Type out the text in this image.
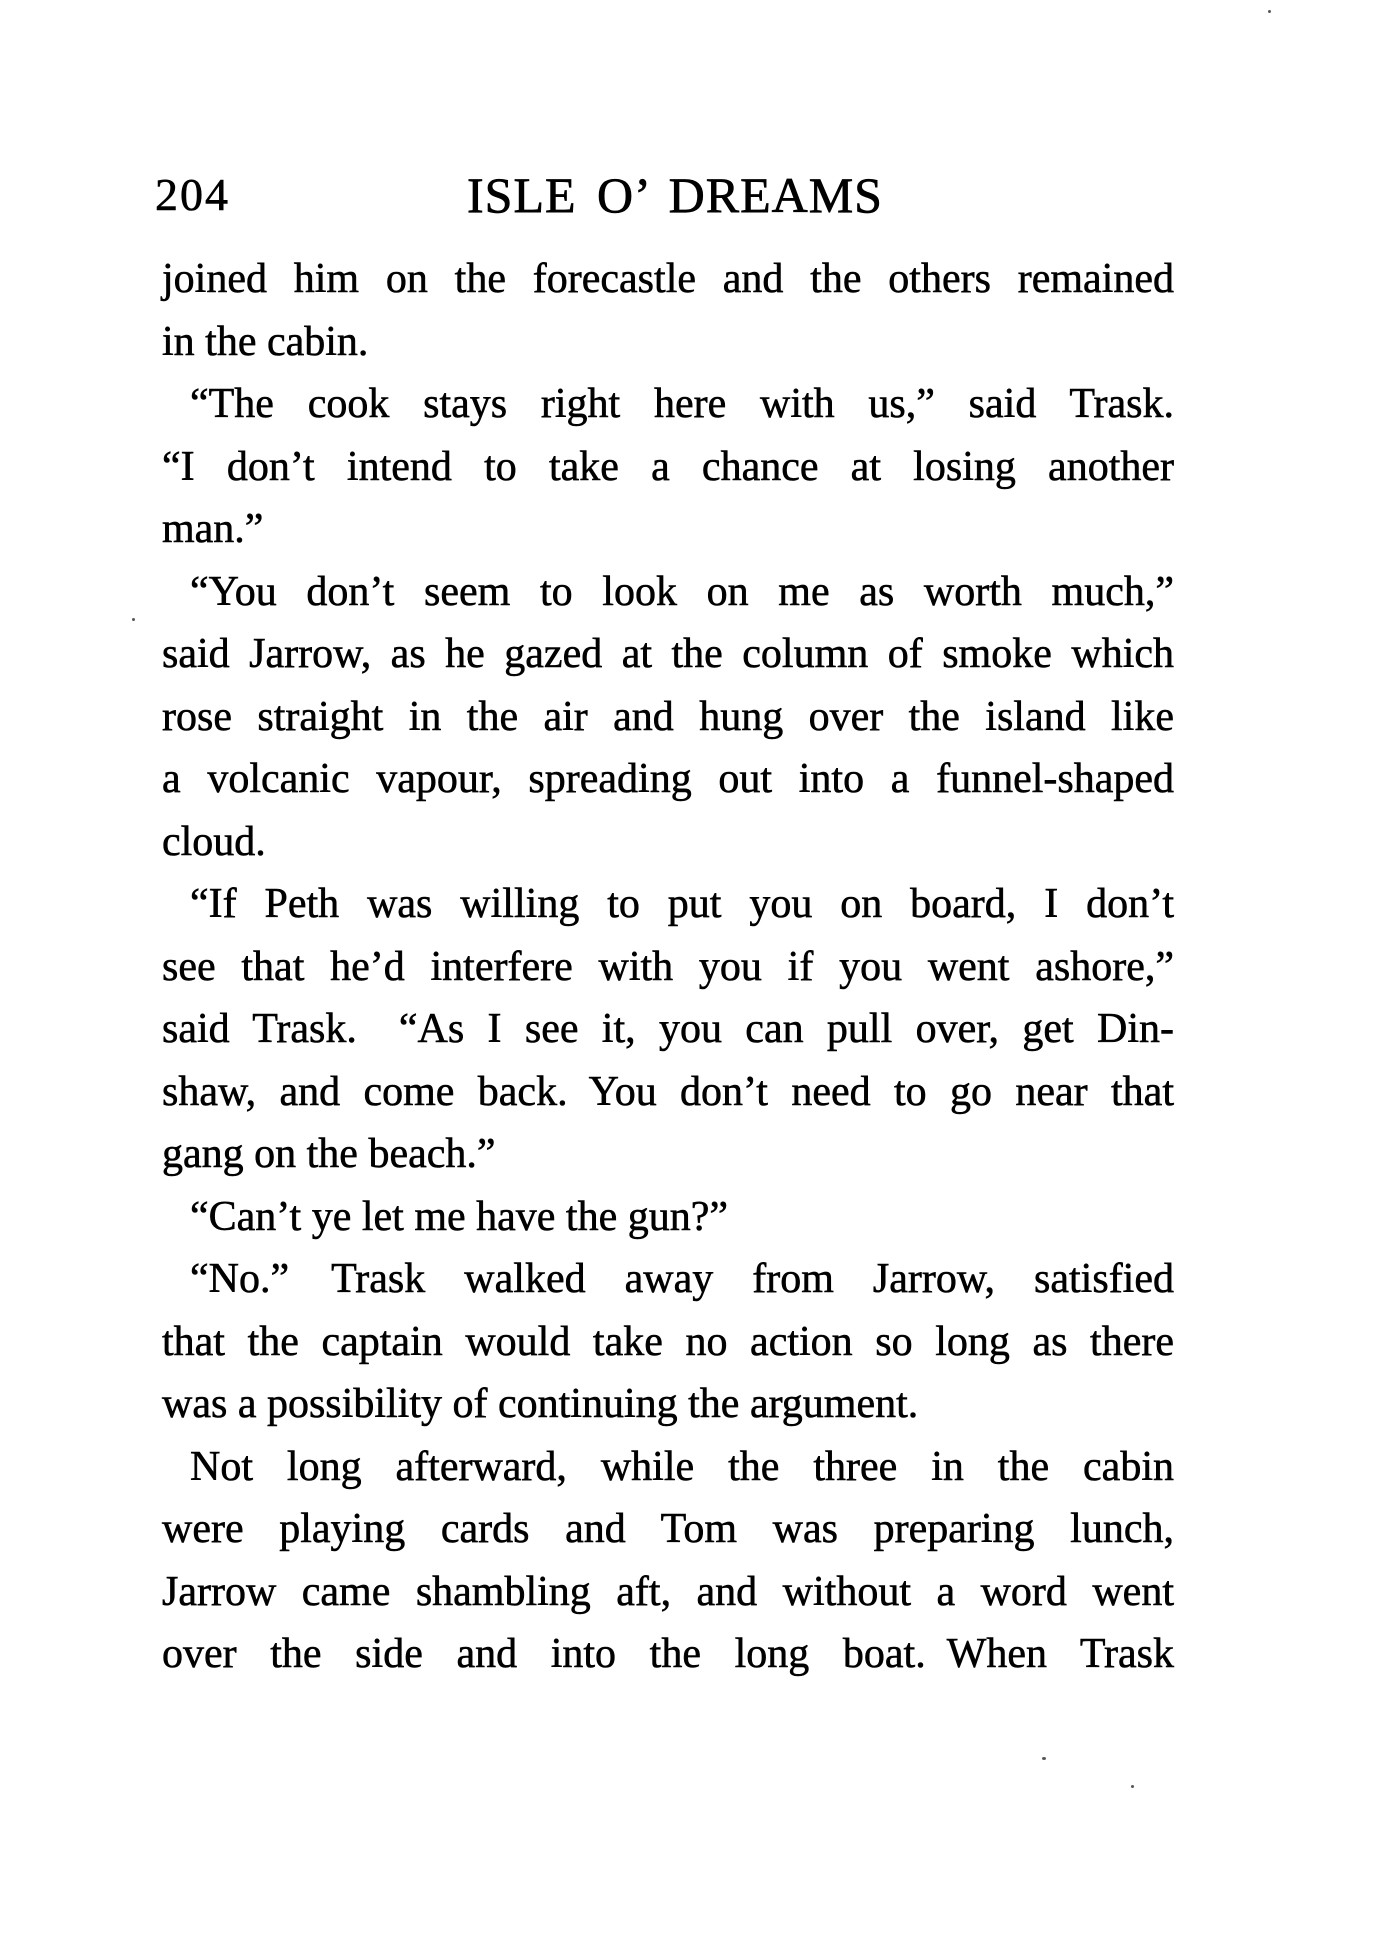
204	ISLE O’ DREAMS
joined him on the forecastle and the others remained
in the cabin.
“The cook stays right here with us,” said Trask.
“I don’t intend to take a chance at losing another
man.”
“You don’t seem to look on me as worth much,”
said Jarrow, as he gazed at the column of smoke which
rose straight in the air and hung over the island like
a volcanic vapour, spreading out into a funnel-shaped
cloud.
“If Peth was willing to put you on board, I don’t
see that he’d interfere with you if you went ashore,”
said Trask. “As I see it, you can pull over, get Din-
shaw, and come back. You don’t need to go near that
gang on the beach.”
“Can’t ye let me have the gun?”
“No.” Trask walked away from Jarrow, satisfied
that the captain would take no action so long as there
was a possibility of continuing the argument.
Not long afterward, while the three in the cabin
were playing cards and Tom was preparing lunch,
Jarrow came shambling aft, and without a word went
over the side and into the long boat. When Trask
